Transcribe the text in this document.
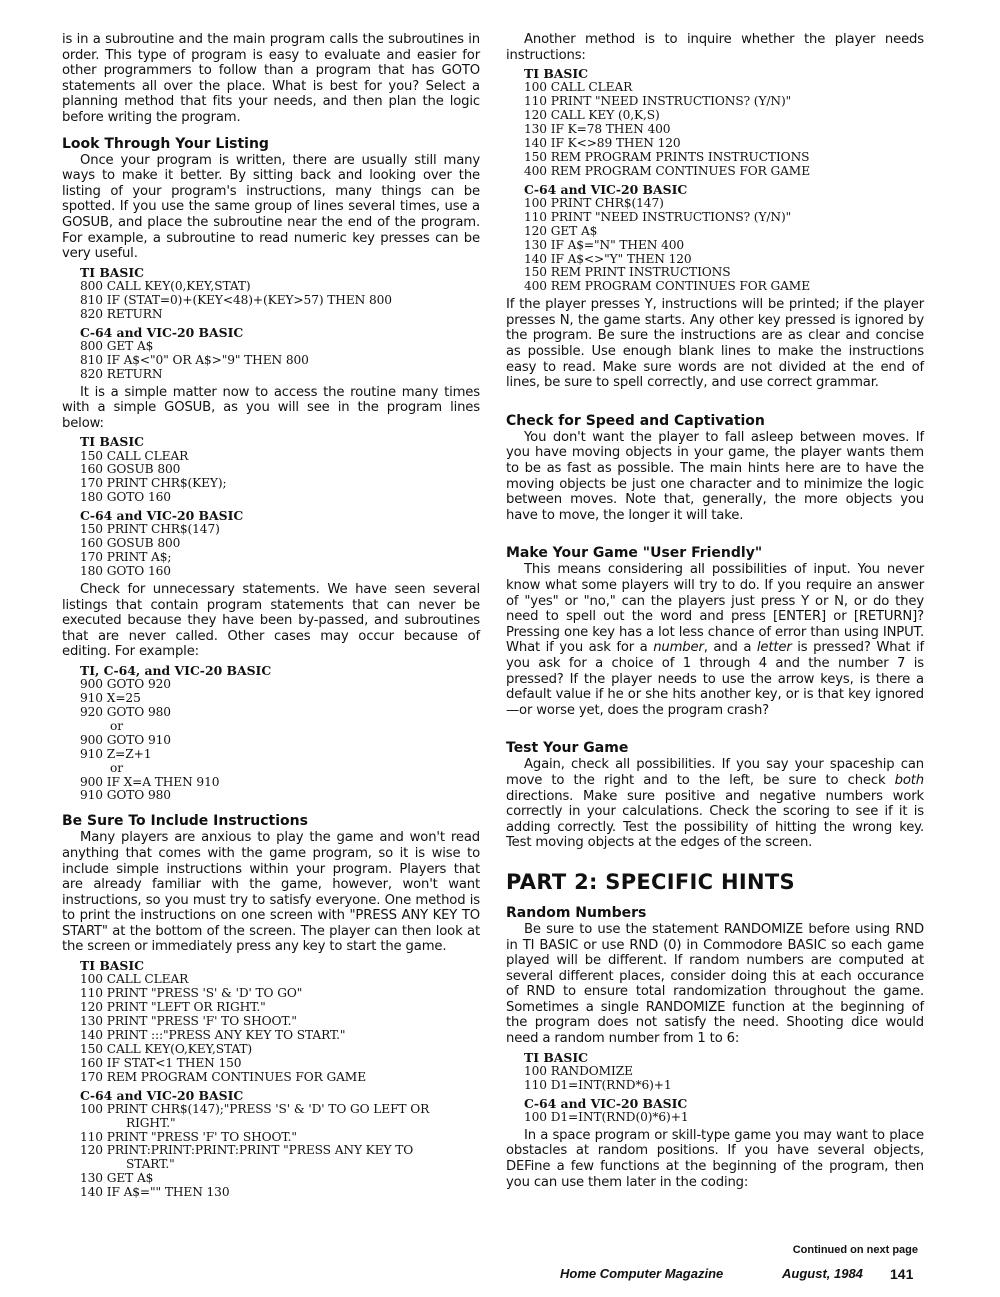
is in a subroutine and the main program calls the subroutines in order. This type of program is easy to evaluate and easier for other programmers to follow than a program that has GOTO statements all over the place. What is best for you? Select a planning method that fits your needs, and then plan the logic before writing the program.

Look Through Your Listing

Once your program is written, there are usually still many ways to make it better. By sitting back and looking over the listing of your program's instructions, many things can be spotted. If you use the same group of lines several times, use a GOSUB, and place the subroutine near the end of the program. For example, a subroutine to read numeric key presses can be very useful.

TI BASIC

800 CALL KEY(0,KEY,STAT)

810 IF (STAT=0)+(KEY<48)+(KEY>57) THEN 800

820 RETURN

C-64 and VIC-20 BASIC

800 GET A$

810 IF A$<"0" OR A$>"9" THEN 800

820 RETURN

It is a simple matter now to access the routine many times with a simple GOSUB, as you will see in the program lines below:

TI BASIC

150 CALL CLEAR

160 GOSUB 800

170 PRINT CHR$(KEY);

180 GOTO 160

C-64 and VIC-20 BASIC

150 PRINT CHR$(147)

160 GOSUB 800

170 PRINT A$;

180 GOTO 160

Check for unnecessary statements. We have seen several listings that contain program statements that can never be executed because they have been by-passed, and subroutines that are never called. Other cases may occur because of editing. For example:

TI, C-64, and VIC-20 BASIC

900 GOTO 920

910 X=25

920 GOTO 980

or

900 GOTO 910

910 Z=Z+1

or

900 IF X=A THEN 910

910 GOTO 980

Be Sure To Include Instructions

Many players are anxious to play the game and won't read anything that comes with the game program, so it is wise to include simple instructions within your program. Players that are already familiar with the game, however, won't want instructions, so you must try to satisfy everyone. One method is to print the instructions on one screen with "PRESS ANY KEY TO START" at the bottom of the screen. The player can then look at the screen or immediately press any key to start the game.

TI BASIC

100 CALL CLEAR

110 PRINT "PRESS 'S' & 'D' TO GO"

120 PRINT "LEFT OR RIGHT."

130 PRINT "PRESS 'F' TO SHOOT."

140 PRINT :::"PRESS ANY KEY TO START."

150 CALL KEY(O,KEY,STAT)

160 IF STAT<1 THEN 150

170 REM PROGRAM CONTINUES FOR GAME

C-64 and VIC-20 BASIC

100 PRINT CHR$(147);"PRESS 'S' & 'D' TO GO LEFT OR

RIGHT."

110 PRINT "PRESS 'F' TO SHOOT."

120 PRINT:PRINT:PRINT:PRINT "PRESS ANY KEY TO

START."

130 GET A$

140 IF A$="" THEN 130

Another method is to inquire whether the player needs instructions:

TI BASIC

100 CALL CLEAR

110 PRINT "NEED INSTRUCTIONS? (Y/N)"

120 CALL KEY (0,K,S)

130 IF K=78 THEN 400

140 IF K<>89 THEN 120

150 REM PROGRAM PRINTS INSTRUCTIONS

400 REM PROGRAM CONTINUES FOR GAME

C-64 and VIC-20 BASIC

100 PRINT CHR$(147)

110 PRINT "NEED INSTRUCTIONS? (Y/N)"

120 GET A$

130 IF A$="N" THEN 400

140 IF A$<>"Y" THEN 120

150 REM PRINT INSTRUCTIONS

400 REM PROGRAM CONTINUES FOR GAME

If the player presses Y, instructions will be printed; if the player presses N, the game starts. Any other key pressed is ignored by the program. Be sure the instructions are as clear and concise as possible. Use enough blank lines to make the instructions easy to read. Make sure words are not divided at the end of lines, be sure to spell correctly, and use correct grammar.

Check for Speed and Captivation

You don't want the player to fall asleep between moves. If you have moving objects in your game, the player wants them to be as fast as possible. The main hints here are to have the moving objects be just one character and to minimize the logic between moves. Note that, generally, the more objects you have to move, the longer it will take.

Make Your Game "User Friendly"

This means considering all possibilities of input. You never know what some players will try to do. If you require an answer of "yes" or "no," can the players just press Y or N, or do they need to spell out the word and press [ENTER] or [RETURN]? Pressing one key has a lot less chance of error than using INPUT. What if you ask for a number, and a letter is pressed? What if you ask for a choice of 1 through 4 and the number 7 is pressed? If the player needs to use the arrow keys, is there a default value if he or she hits another key, or is that key ignored—or worse yet, does the program crash?

Test Your Game

Again, check all possibilities. If you say your spaceship can move to the right and to the left, be sure to check both directions. Make sure positive and negative numbers work correctly in your calculations. Check the scoring to see if it is adding correctly. Test the possibility of hitting the wrong key. Test moving objects at the edges of the screen.

PART 2: SPECIFIC HINTS

Random Numbers

Be sure to use the statement RANDOMIZE before using RND in TI BASIC or use RND (0) in Commodore BASIC so each game played will be different. If random numbers are computed at several different places, consider doing this at each occurance of RND to ensure total randomization throughout the game. Sometimes a single RANDOMIZE function at the beginning of the program does not satisfy the need. Shooting dice would need a random number from 1 to 6:

TI BASIC

100 RANDOMIZE

110 D1=INT(RND*6)+1

C-64 and VIC-20 BASIC

100 D1=INT(RND(0)*6)+1

In a space program or skill-type game you may want to place obstacles at random positions. If you have several objects, DEFine a few functions at the beginning of the program, then you can use them later in the coding:

Continued on next page
Home Computer Magazine	August, 1984 141
